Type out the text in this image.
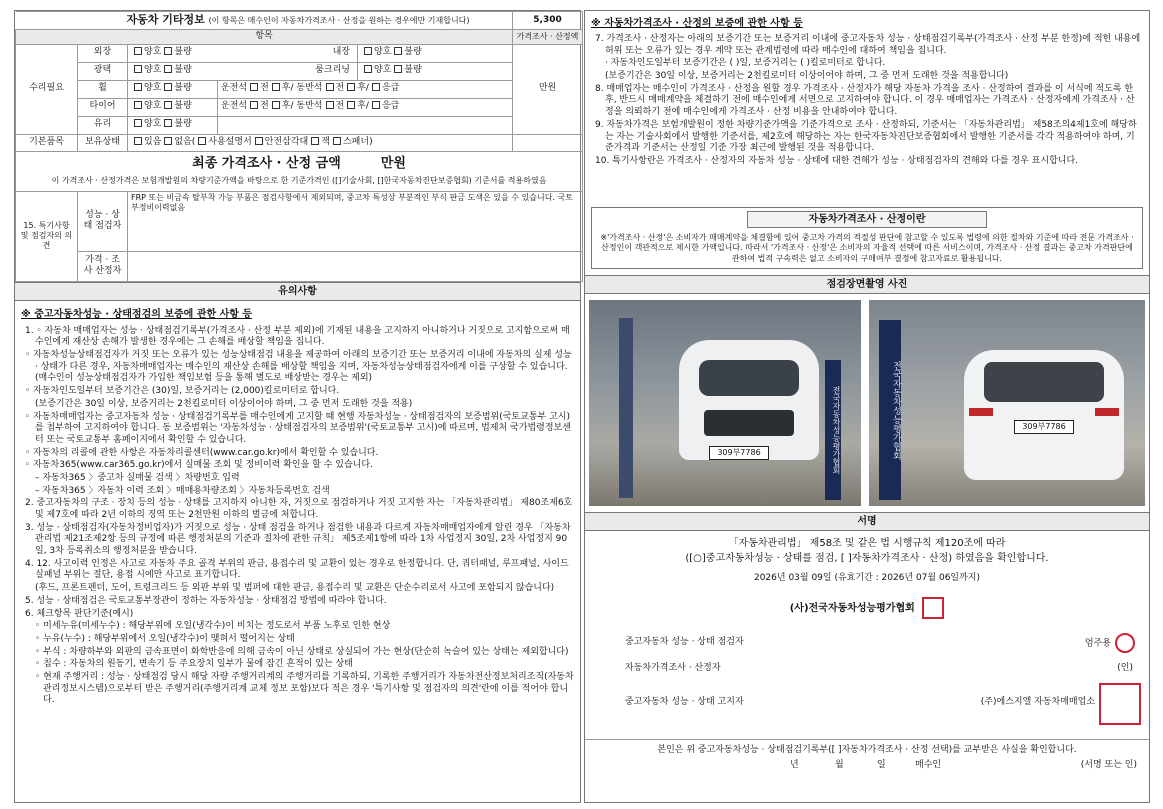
자동차 기타정보 (이 항목은 매수인이 자동차가격조사 · 산정을 원하는 경우에만 기재합니다)					5,300
항목					가격조사 · 산정액
수리필요	외장	양호 불량 내장		양호 불량	만원
	광택	양호 불량 룸크리닝		양호 불량	
	휠	양호 불량	운전석 전 후/ 동반석 전 후/ 응급		
	타이어	양호 불량	운전석 전 후/ 동반석 전 후/ 응급		
	유리	양호 불량			
기본품목	보유상태	있음 없음( 사용설명서 안전삼각대 잭 스패너)			

최종 가격조사 · 산정 금액 만원
이 가격조사 · 산정가격은 보험개발원의 차량기준가액을 바탕으로 한 기준가격인 ([]기술사회, []한국자동차진단보증협회) 기준서를 적용하였음					

15. 특기사항 및 점검자의 의견	성능 · 상태 점검자	FRP 또는 비금속 탈부착 가능 부품은 점검사항에서 제외되며, 중고차 특성상 부분적인 부식 판금 도색은 있을 수 있습니다. 국토부정비이력없음			
	가격 · 조사 산정자				
유의사항
※ 중고자동차성능 · 상태점검의 보증에 관한 사항 등

1. ◦ 자동차 매매업자는 성능 · 상태점검기록부(가격조사 · 산정 부분 제외)에 기재된 내용을 고지하지 아니하거나 거짓으로 고지함으로써 매수인에게 재산상 손해가 발생한 경우에는 그 손해를 배상할 책임을 집니다.

◦ 자동차성능상태점검자가 거짓 또는 오류가 있는 성능상태점검 내용을 제공하여 아래의 보증기간 또는 보증거리 이내에 자동차의 실제 성능 · 상태가 다른 경우, 자동차매매업자는 매수인의 재산상 손해를 배상할 책임을 지며, 자동차성능상태점검자에게 이를 구상할 수 있습니다. (매수인이 성능상태점검자가 가입한 책임보험 등을 통해 별도로 배상받는 경우는 제외)

◦ 자동차인도일부터 보증기간은 (30)일, 보증거리는 (2,000)킬로미터로 합니다.

(보증기간은 30일 이상, 보증거리는 2천킬로미터 이상이어야 하며, 그 중 먼저 도래한 것을 적용)

◦ 자동차매매업자는 중고자동차 성능 · 상태점검기록부를 매수인에게 고지할 때 현행 자동차성능 · 상태점검자의 보증범위(국토교통부 고시)를 첨부하여 고지하여야 합니다. 동 보증범위는 '자동차성능 · 상태점검자의 보증범위'(국토교통부 고시)에 따르며, 법제처 국가법령정보센터 또는 국토교통부 홈페이지에서 확인할 수 있습니다.

◦ 자동차의 리콜에 관한 사항은 자동차리콜센터(www.car.go.kr)에서 확인할 수 있습니다.

◦ 자동차365(www.car365.go.kr)에서 실매물 조회 및 정비이력 확인을 할 수 있습니다.

– 자동차365 〉중고차 실매물 검색 〉차량번호 입력

– 자동차365 〉자동차 이력 조회 〉매매용차량조회 〉자동차등록번호 검색

2. 중고자동차의 구조 · 장치 등의 성능 · 상태를 고지하지 아니한 자, 거짓으로 점검하거나 거짓 고지한 자는 「자동차관리법」 제80조제6호 및 제7호에 따라 2년 이하의 징역 또는 2천만원 이하의 벌금에 처합니다.

3. 성능 · 상태점검자(자동차정비업자)가 거짓으로 성능 · 상태 점검을 하거나 점검한 내용과 다르게 자동차매매업자에게 알린 경우 「자동차관리법 제21조제2항 등의 규정에 따른 행정처분의 기준과 절차에 관한 규칙」 제5조제1항에 따라 1차 사업정지 30일, 2차 사업정지 90일, 3차 등록취소의 행정처분을 받습니다.

4. 12. 사고이력 인정은 사고로 자동차 주요 골격 부위의 판금, 용접수리 및 교환이 있는 경우로 한정합니다. 단, 쿼터패널, 루프패널, 사이드실패널 부위는 절단, 용접 시에만 사고로 표기합니다.

(후드, 프론트펜더, 도어, 트렁크리드 등 외판 부위 및 범퍼에 대한 판금, 용접수리 및 교환은 단순수리로서 사고에 포함되지 않습니다)

5. 성능 · 상태점검은 국토교통부장관이 정하는 자동차성능 · 상태점검 방법에 따라야 합니다.

6. 체크항목 판단기준(예시)

◦ 미세누유(미세누수) : 해당부위에 오일(냉각수)이 비치는 정도로서 부품 노후로 인한 현상

◦ 누유(누수) : 해당부위에서 오일(냉각수)이 맺혀서 떨어지는 상태

◦ 부식 : 차량하부와 외판의 금속표면이 화학반응에 의해 금속이 아닌 상태로 상실되어 가는 현상(단순히 녹슬어 있는 상태는 제외합니다)

◦ 침수 : 자동차의 원동기, 변속기 등 주요장치 일부가 물에 잠긴 흔적이 있는 상태

◦ 현재 주행거리 : 성능 · 상태점검 당시 해당 자량 주행거리계의 주행거리를 기록하되, 기록한 주행거리가 자동차전산정보처리조직(자동차관리정보시스템)으로부터 받은 주행거리(주행거리계 교체 정보 포함)보다 적은 경우 '특기사항 및 점검자의 의견'란에 이를 적어야 합니다.

※ 자동차가격조사 · 산정의 보증에 관한 사항 등

7. 가격조사 · 산정자는 아래의 보증기간 또는 보증거리 이내에 중고자동차 성능 · 상태점검기록부(가격조사 · 산정 부분 한정)에 적힌 내용에 허위 또는 오류가 있는 경우 계약 또는 관계법령에 따라 매수인에 대하여 책임을 집니다.

· 자동차인도일부터 보증기간은 ( )일, 보증거리는 ( )킬로미터로 합니다.

(보증기간은 30일 이상, 보증거리는 2천킬로미터 이상이어야 하며, 그 중 먼저 도래한 것을 적용합니다)

8. 매매업자는 매수인이 가격조사 · 산정을 원할 경우 가격조사 · 산정자가 해당 자동차 가격을 조사 · 산정하여 결과를 이 서식에 적도록 한 후, 반드시 매매계약을 체결하기 전에 매수인에게 서면으로 고지하여야 합니다. 이 경우 매매업자는 가격조사 · 산정자에게 가격조사 · 산정을 의뢰하기 전에 매수인에게 가격조사 · 산정 비용을 안내하여야 합니다.

9. 자동차가격은 보험개발원이 정한 차량기준가액을 기준가격으로 조사 · 산정하되, 기준서는 「자동차관리법」 제58조의4제1호에 해당하는 자는 기술사회에서 발행한 기준서를, 제2호에 해당하는 자는 한국자동차진단보증협회에서 발행한 기준서를 각각 적용하여야 하며, 기준가격과 기준서는 산정일 기준 가장 최근에 발행된 것을 적용합니다.

10. 특기사항란은 가격조사 · 산정자의 자동차 성능 · 상태에 대한 견해가 성능 · 상태점검자의 견해와 다를 경우 표시합니다.

자동차가격조사 · 산정이란
※'가격조사 · 산정'은 소비자가 매매계약을 체결함에 있어 중고차 가격의 적절성 판단에 참고할 수 있도록 법령에 의한 절차와 기준에 따라 전문 가격조사 · 산정인이 객관적으로 제시한 가액입니다. 따라서 '가격조사 · 산정'은 소비자의 자율적 선택에 따른 서비스이며, 가격조사 · 산정 결과는 중고차 가격판단에 관하여 법적 구속력은 없고 소비자의 구매여부 결정에 참고자료로 활용됩니다.
점검장면촬영 사진
309부7786	전국자동차성능평가협회	전국자동차성능평가협회	309부7786
서명
「자동차관리법」 제58조 및 같은 법 시행규칙 제120조에 따라
([○]중고자동차성능 · 상태를 점검, [ ]자동차가격조사 · 산정) 하였음을 확인합니다.
2026년 03월 09일 (유효기간 : 2026년 07월 06일까지)
(사)전국자동차성능평가협회
중고자동차 성능 · 상태 점검자	엄주용
자동차가격조사 · 산정자	(인)
중고자동차 성능 · 상태 고지자	(주)에스지엘 자동차매매업소
본인은 위 중고자동차성능 · 상태점검기록부([ ]자동차가격조사 · 산정 선택)를 교부받은 사실을 확인합니다.
년	월	일	매수인	(서명 또는 인)
